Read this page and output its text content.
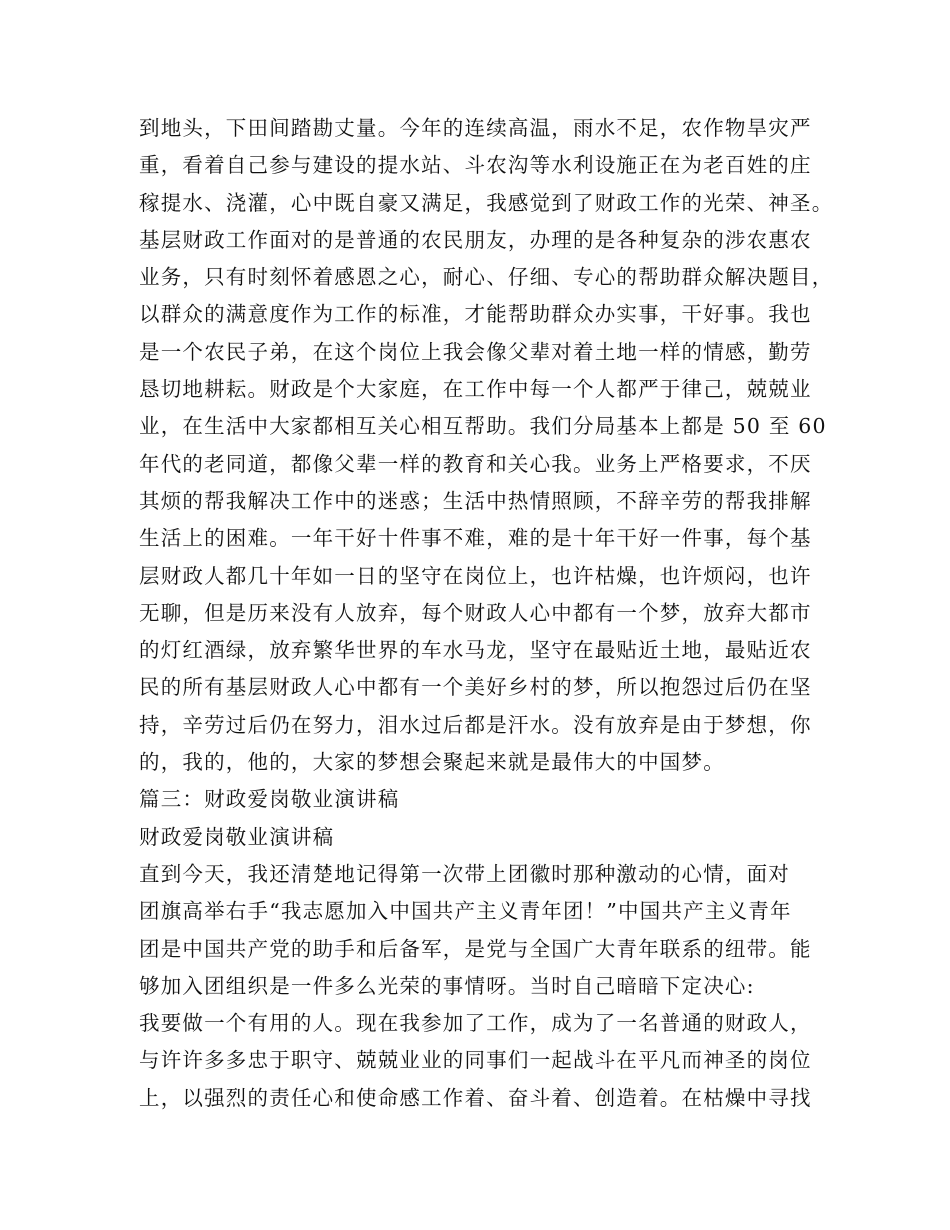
到地头，下田间踏勘丈量。今年的连续高温，雨水不足，农作物旱灾严
重，看着自己参与建设的提水站、斗农沟等水利设施正在为老百姓的庄
稼提水、浇灌，心中既自豪又满足，我感觉到了财政工作的光荣、神圣。
基层财政工作面对的是普通的农民朋友，办理的是各种复杂的涉农惠农
业务，只有时刻怀着感恩之心，耐心、仔细、专心的帮助群众解决题目，
以群众的满意度作为工作的标准，才能帮助群众办实事，干好事。我也
是一个农民子弟，在这个岗位上我会像父辈对着土地一样的情感，勤劳
恳切地耕耘。财政是个大家庭，在工作中每一个人都严于律己，兢兢业
业，在生活中大家都相互关心相互帮助。我们分局基本上都是 50 至 60
年代的老同道，都像父辈一样的教育和关心我。业务上严格要求，不厌
其烦的帮我解决工作中的迷惑；生活中热情照顾，不辞辛劳的帮我排解
生活上的困难。一年干好十件事不难，难的是十年干好一件事，每个基
层财政人都几十年如一日的坚守在岗位上，也许枯燥，也许烦闷，也许
无聊，但是历来没有人放弃，每个财政人心中都有一个梦，放弃大都市
的灯红酒绿，放弃繁华世界的车水马龙，坚守在最贴近土地，最贴近农
民的所有基层财政人心中都有一个美好乡村的梦，所以抱怨过后仍在坚
持，辛劳过后仍在努力，泪水过后都是汗水。没有放弃是由于梦想，你
的，我的，他的，大家的梦想会聚起来就是最伟大的中国梦。
篇三：财政爱岗敬业演讲稿
财政爱岗敬业演讲稿
直到今天，我还清楚地记得第一次带上团徽时那种激动的心情，面对
团旗高举右手“我志愿加入中国共产主义青年团！”中国共产主义青年
团是中国共产党的助手和后备军，是党与全国广大青年联系的纽带。能
够加入团组织是一件多么光荣的事情呀。当时自己暗暗下定决心:
我要做一个有用的人。现在我参加了工作，成为了一名普通的财政人，
与许许多多忠于职守、兢兢业业的同事们一起战斗在平凡而神圣的岗位
上，以强烈的责任心和使命感工作着、奋斗着、创造着。在枯燥中寻找
